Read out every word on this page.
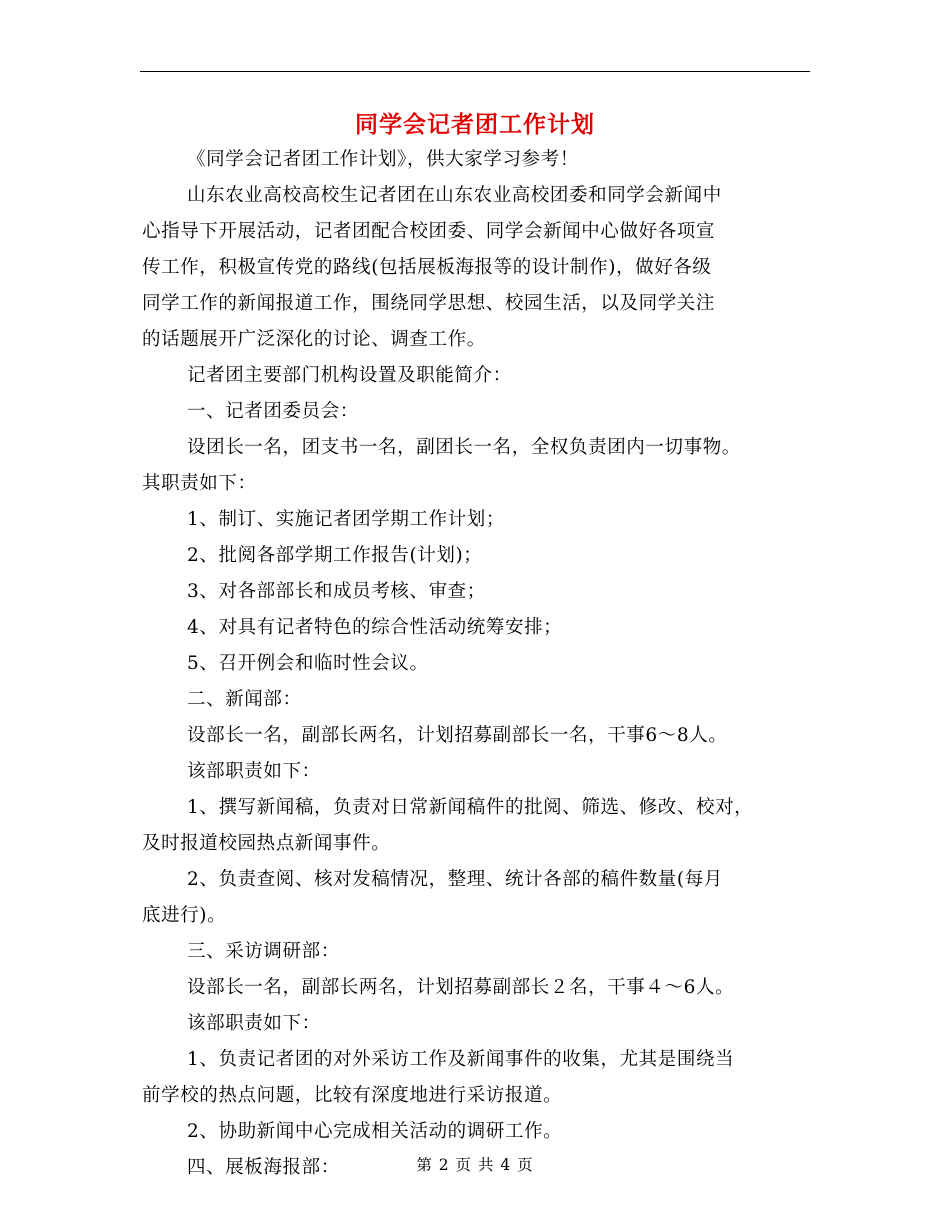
同学会记者团工作计划
《同学会记者团工作计划》，供大家学习参考！
山东农业高校高校生记者团在山东农业高校团委和同学会新闻中
心指导下开展活动，记者团配合校团委、同学会新闻中心做好各项宣
传工作，积极宣传党的路线(包括展板海报等的设计制作)，做好各级
同学工作的新闻报道工作，围绕同学思想、校园生活，以及同学关注
的话题展开广泛深化的讨论、调查工作。
记者团主要部门机构设置及职能简介：
一、记者团委员会：
设团长一名，团支书一名，副团长一名，全权负责团内一切事物。
其职责如下：
1、制订、实施记者团学期工作计划；
2、批阅各部学期工作报告(计划)；
3、对各部部长和成员考核、审查；
4、对具有记者特色的综合性活动统筹安排；
5、召开例会和临时性会议。
二、新闻部：
设部长一名，副部长两名，计划招募副部长一名，干事6～8人。
该部职责如下：
1、撰写新闻稿，负责对日常新闻稿件的批阅、筛选、修改、校对，
及时报道校园热点新闻事件。
2、负责查阅、核对发稿情况，整理、统计各部的稿件数量(每月
底进行)。
三、采访调研部：
设部长一名，副部长两名，计划招募副部长２名，干事４～6人。
该部职责如下：
1、负责记者团的对外采访工作及新闻事件的收集，尤其是围绕当
前学校的热点问题，比较有深度地进行采访报道。
2、协助新闻中心完成相关活动的调研工作。
四、展板海报部：	第 2 页 共 4 页
